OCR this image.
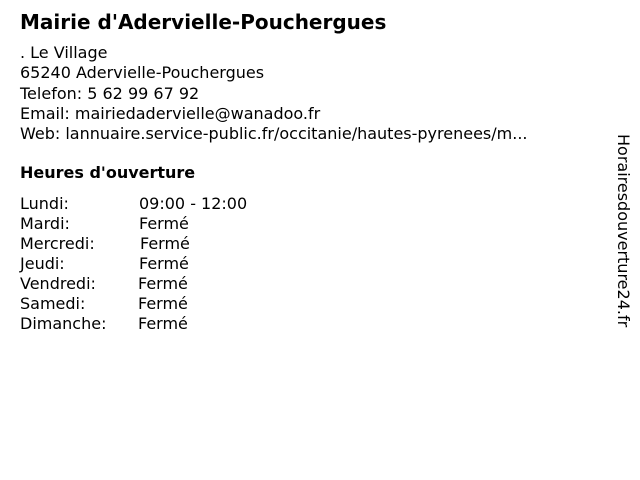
Mairie d'Adervielle-Pouchergues
. Le Village
65240 Adervielle-Pouchergues
Telefon: 5 62 99 67 92
Email: mairiedadervielle@wanadoo.fr
Web: lannuaire.service-public.fr/occitanie/hautes-pyrenees/m...
Heures d'ouverture
Lundi:	09:00 - 12:00
Mardi:	Fermé
Mercredi:	Fermé
Jeudi:	Fermé
Vendredi:	Fermé
Samedi:	Fermé
Dimanche:	Fermé	Horairesdouverture24.fr
